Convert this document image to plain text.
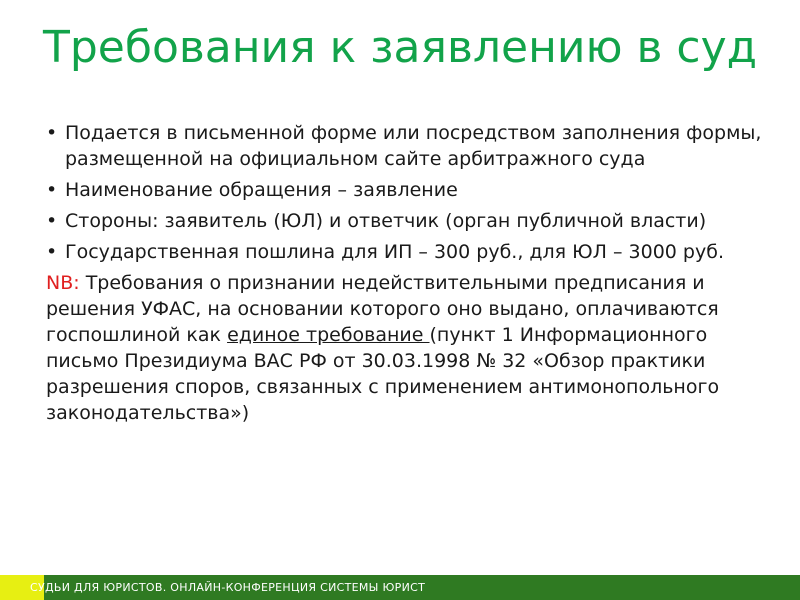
Требования к заявлению в суд
• Подается в письменной форме или посредством заполнения формы, размещенной на официальном сайте арбитражного суда
• Наименование обращения – заявление
• Стороны: заявитель (ЮЛ) и ответчик (орган публичной власти)
• Государственная пошлина для ИП – 300 руб., для ЮЛ – 3000 руб.
NB: Требования о признании недействительными предписания и решения УФАС, на основании которого оно выдано, оплачиваются госпошлиной как единое требование (пункт 1 Информационного письмо Президиума ВАС РФ от 30.03.1998 № 32 «Обзор практики разрешения споров, связанных с применением антимонопольного законодательства»)
СУДЬИ ДЛЯ ЮРИСТОВ. ОНЛАЙН-КОНФЕРЕНЦИЯ СИСТЕМЫ ЮРИСТ
